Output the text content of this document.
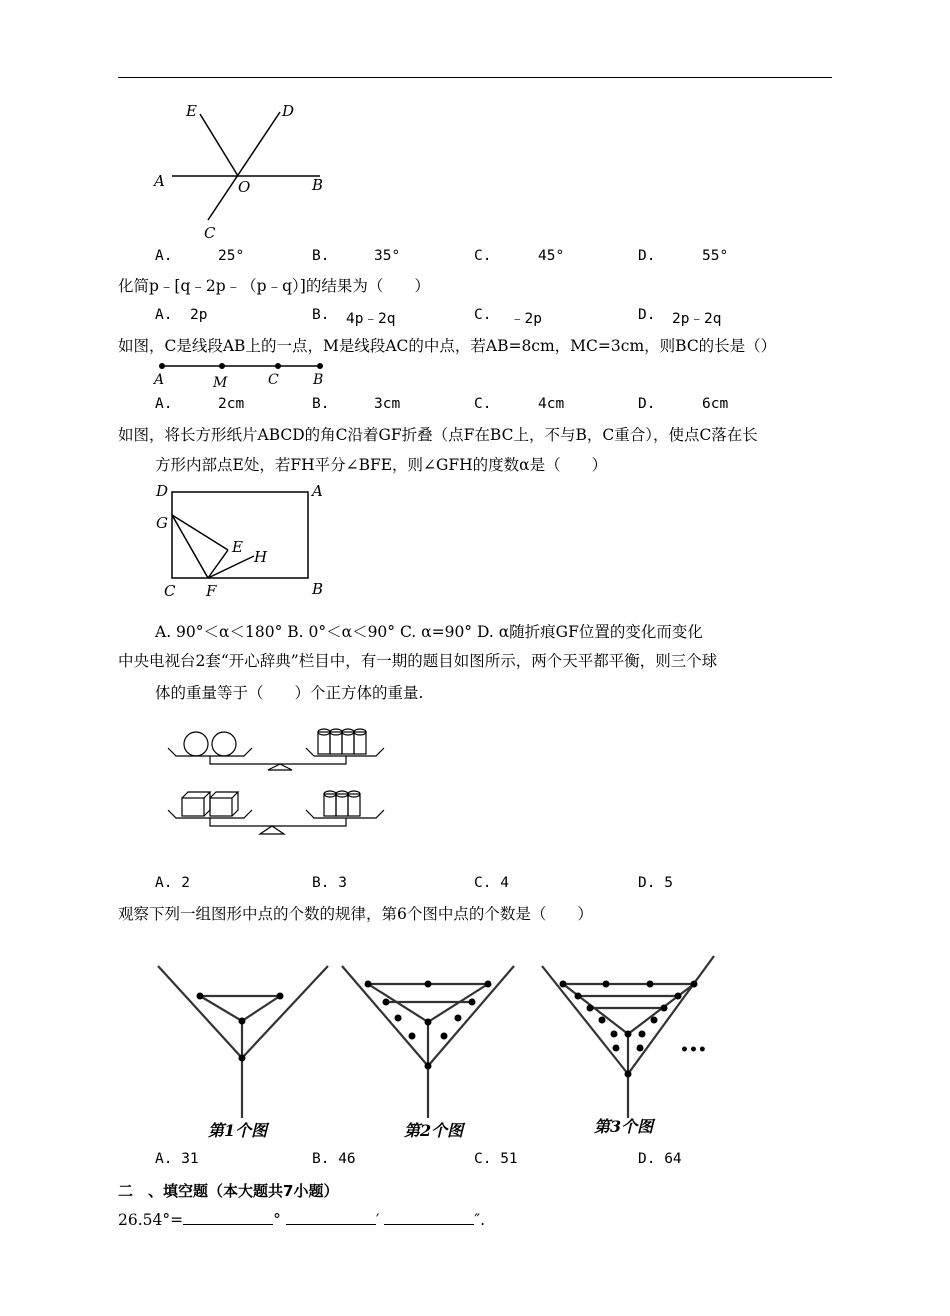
E	D
A	O	B
C
A.	25°	B.	35°	C.	45°	D.	55°
化简p﹣[q﹣2p﹣（p﹣q）]的结果为（　　）
A. 2p	B. 4p﹣2q	C. ﹣2p	D. 2p﹣2q
如图，C是线段AB上的一点，M是线段AC的中点，若AB=8cm，MC=3cm，则BC的长是（）
A	M	C B
A.	2cm	B.	3cm	C.	4cm	D.	6cm
如图，将长方形纸片ABCD的角C沿着GF折叠（点F在BC上，不与B，C重合），使点C落在长
方形内部点E处，若FH平分∠BFE，则∠GFH的度数α是（　　）
D	A
G
E
H
C F	B
A. 90°＜α＜180° B. 0°＜α＜90° C. α=90° D. α随折痕GF位置的变化而变化
中央电视台2套“开心辞典”栏目中，有一期的题目如图所示，两个天平都平衡，则三个球
体的重量等于（　　）个正方体的重量.
A. 2	B. 3	C. 4	D. 5
观察下列一组图形中点的个数的规律，第6个图中点的个数是（　　）
•••
第1个图	第2个图	第3个图
A. 31	B. 46	C. 51	D. 64
二　、填空题（本大题共7小题）
26.54°=	°	′	″.
